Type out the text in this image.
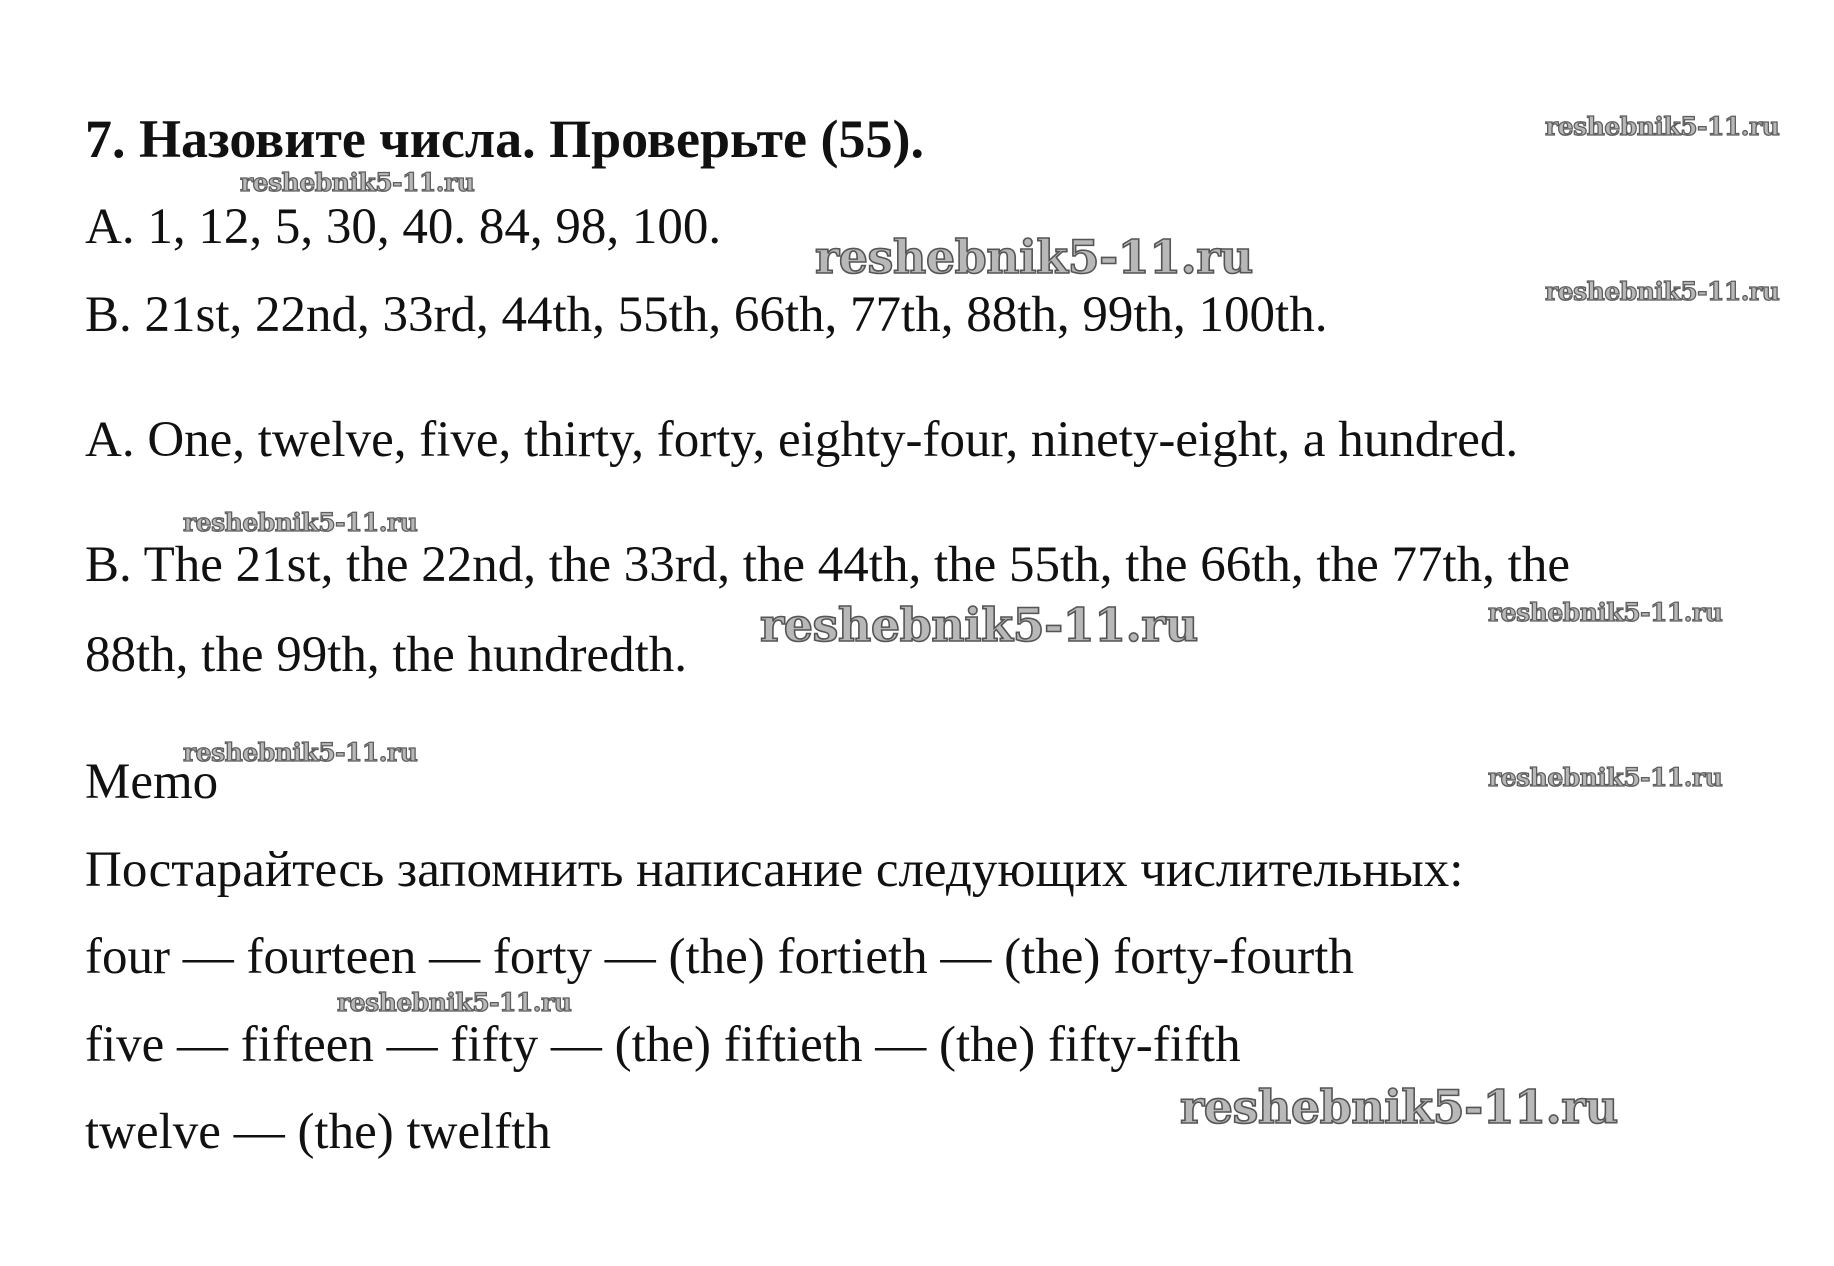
7. Назовите числа. Проверьте (55).
A. 1, 12, 5, 30, 40. 84, 98, 100.
B. 21st, 22nd, 33rd, 44th, 55th, 66th, 77th, 88th, 99th, 100th.
A. One, twelve, five, thirty, forty, eighty-four, ninety-eight, a hundred.
B. The 21st, the 22nd, the 33rd, the 44th, the 55th, the 66th, the 77th, the
88th, the 99th, the hundredth.
Memo
Постарайтесь запомнить написание следующих числительных:
four — fourteen — forty — (the) fortieth — (the) forty-fourth
five — fifteen — fifty — (the) fiftieth — (the) fifty-fifth
twelve — (the) twelfth
reshebnik5-11.ru
reshebnik5-11.ru
reshebnik5-11.ru
reshebnik5-11.ru
reshebnik5-11.ru
reshebnik5-11.ru	reshebnik5-11.ru
reshebnik5-11.ru
reshebnik5-11.ru
reshebnik5-11.ru
reshebnik5-11.ru
